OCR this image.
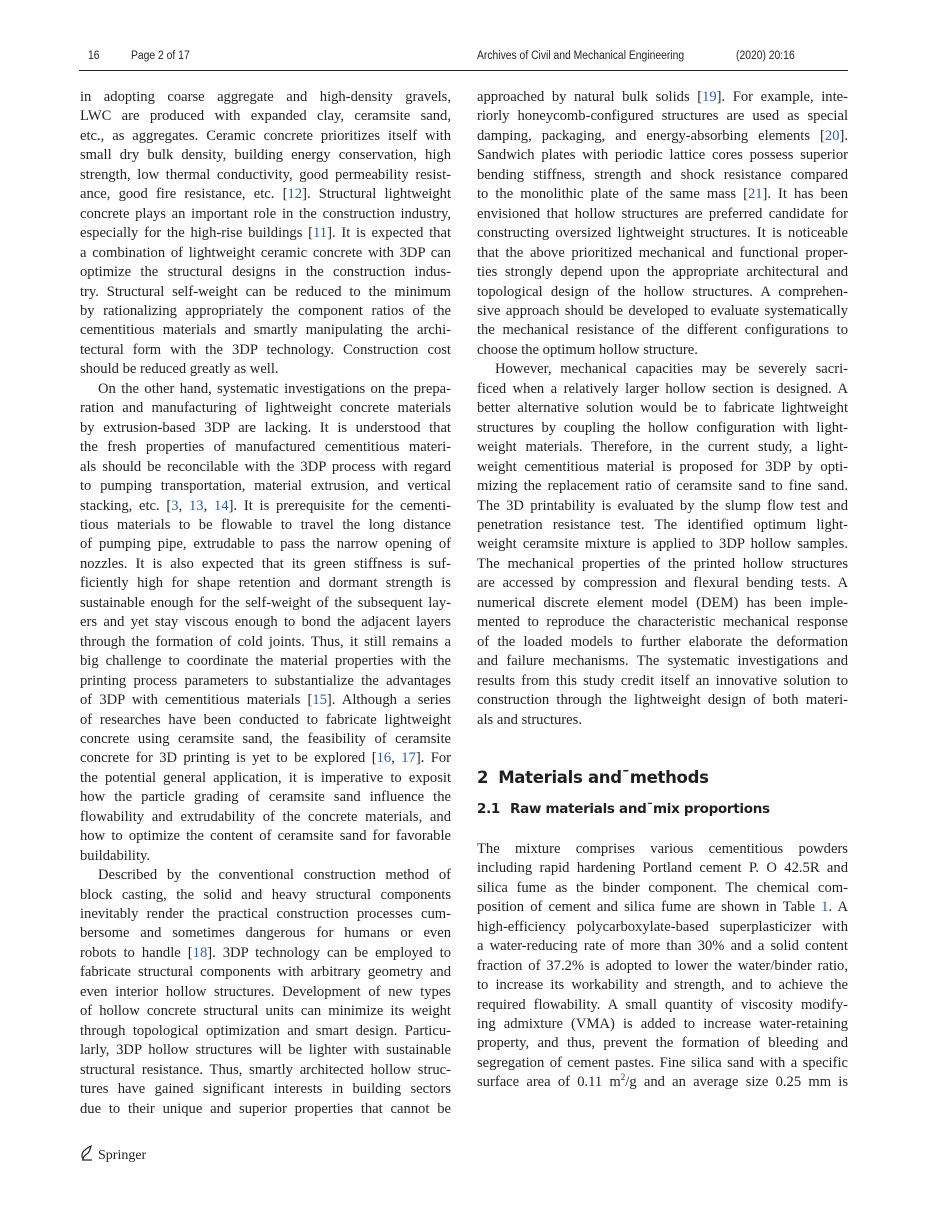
16	Page 2 of 17	Archives of Civil and Mechanical Engineering	(2020) 20:16
in adopting coarse aggregate and high-density gravels,
LWC are produced with expanded clay, ceramsite sand,
etc., as aggregates. Ceramic concrete prioritizes itself with
small dry bulk density, building energy conservation, high
strength, low thermal conductivity, good permeability resist-
ance, good fire resistance, etc. [12]. Structural lightweight
concrete plays an important role in the construction industry,
especially for the high-rise buildings [11]. It is expected that
a combination of lightweight ceramic concrete with 3DP can
optimize the structural designs in the construction indus-
try. Structural self-weight can be reduced to the minimum
by rationalizing appropriately the component ratios of the
cementitious materials and smartly manipulating the archi-
tectural form with the 3DP technology. Construction cost
should be reduced greatly as well.
On the other hand, systematic investigations on the prepa-
ration and manufacturing of lightweight concrete materials
by extrusion-based 3DP are lacking. It is understood that
the fresh properties of manufactured cementitious materi-
als should be reconcilable with the 3DP process with regard
to pumping transportation, material extrusion, and vertical
stacking, etc. [3, 13, 14]. It is prerequisite for the cementi-
tious materials to be flowable to travel the long distance
of pumping pipe, extrudable to pass the narrow opening of
nozzles. It is also expected that its green stiffness is suf-
ficiently high for shape retention and dormant strength is
sustainable enough for the self-weight of the subsequent lay-
ers and yet stay viscous enough to bond the adjacent layers
through the formation of cold joints. Thus, it still remains a
big challenge to coordinate the material properties with the
printing process parameters to substantialize the advantages
of 3DP with cementitious materials [15]. Although a series
of researches have been conducted to fabricate lightweight
concrete using ceramsite sand, the feasibility of ceramsite
concrete for 3D printing is yet to be explored [16, 17]. For
the potential general application, it is imperative to exposit
how the particle grading of ceramsite sand influence the
flowability and extrudability of the concrete materials, and
how to optimize the content of ceramsite sand for favorable
buildability.
Described by the conventional construction method of
block casting, the solid and heavy structural components
inevitably render the practical construction processes cum-
bersome and sometimes dangerous for humans or even
robots to handle [18]. 3DP technology can be employed to
fabricate structural components with arbitrary geometry and
even interior hollow structures. Development of new types
of hollow concrete structural units can minimize its weight
through topological optimization and smart design. Particu-
larly, 3DP hollow structures will be lighter with sustainable
structural resistance. Thus, smartly architected hollow struc-
tures have gained significant interests in building sectors
due to their unique and superior properties that cannot be
approached by natural bulk solids [19]. For example, inte-
riorly honeycomb-configured structures are used as special
damping, packaging, and energy-absorbing elements [20].
Sandwich plates with periodic lattice cores possess superior
bending stiffness, strength and shock resistance compared
to the monolithic plate of the same mass [21]. It has been
envisioned that hollow structures are preferred candidate for
constructing oversized lightweight structures. It is noticeable
that the above prioritized mechanical and functional proper-
ties strongly depend upon the appropriate architectural and
topological design of the hollow structures. A comprehen-
sive approach should be developed to evaluate systematically
the mechanical resistance of the different configurations to
choose the optimum hollow structure.
However, mechanical capacities may be severely sacri-
ficed when a relatively larger hollow section is designed. A
better alternative solution would be to fabricate lightweight
structures by coupling the hollow configuration with light-
weight materials. Therefore, in the current study, a light-
weight cementitious material is proposed for 3DP by opti-
mizing the replacement ratio of ceramsite sand to fine sand.
The 3D printability is evaluated by the slump flow test and
penetration resistance test. The identified optimum light-
weight ceramsite mixture is applied to 3DP hollow samples.
The mechanical properties of the printed hollow structures
are accessed by compression and flexural bending tests. A
numerical discrete element model (DEM) has been imple-
mented to reproduce the characteristic mechanical response
of the loaded models to further elaborate the deformation
and failure mechanisms. The systematic investigations and
results from this study credit itself an innovative solution to
construction through the lightweight design of both materi-
als and structures.
2 Materials and¯methods
2.1 Raw materials and¯mix proportions
The mixture comprises various cementitious powders
including rapid hardening Portland cement P. O 42.5R and
silica fume as the binder component. The chemical com-
position of cement and silica fume are shown in Table 1. A
high-efficiency polycarboxylate-based superplasticizer with
a water-reducing rate of more than 30% and a solid content
fraction of 37.2% is adopted to lower the water/binder ratio,
to increase its workability and strength, and to achieve the
required flowability. A small quantity of viscosity modify-
ing admixture (VMA) is added to increase water-retaining
property, and thus, prevent the formation of bleeding and
segregation of cement pastes. Fine silica sand with a specific
surface area of 0.11 $m^2/g$ and an average size 0.25 mm is
Springer
